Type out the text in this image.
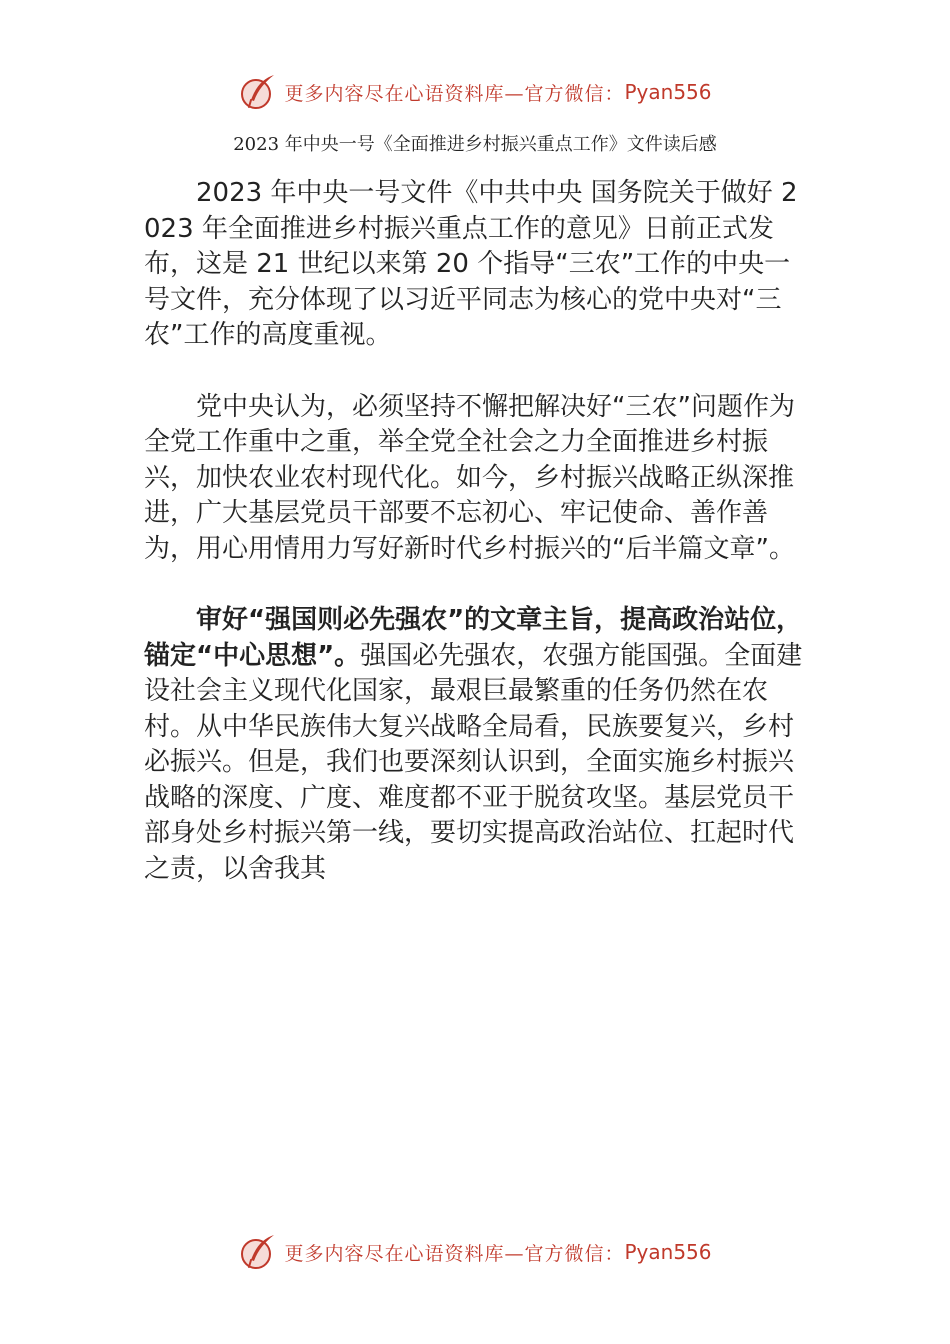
更多内容尽在心语资料库—官方微信： Pyan556
2023 年中央一号《全面推进乡村振兴重点工作》文件读后感

2023 年中央一号文件《中共中央 国务院关于做好 2023 年全面推进乡村振兴重点工作的意见》日前正式发布，这是 21 世纪以来第 20 个指导“三农”工作的中央一号文件，充分体现了以习近平同志为核心的党中央对“三农”工作的高度重视。

党中央认为，必须坚持不懈把解决好“三农”问题作为全党工作重中之重，举全党全社会之力全面推进乡村振兴，加快农业农村现代化。如今，乡村振兴战略正纵深推进，广大基层党员干部要不忘初心、牢记使命、善作善为，用心用情用力写好新时代乡村振兴的“后半篇文章”。

审好“强国则必先强农”的文章主旨，提高政治站位，锚定“中心思想”。强国必先强农，农强方能国强。全面建设社会主义现代化国家，最艰巨最繁重的任务仍然在农村。从中华民族伟大复兴战略全局看，民族要复兴，乡村必振兴。但是，我们也要深刻认识到，全面实施乡村振兴战略的深度、广度、难度都不亚于脱贫攻坚。基层党员干部身处乡村振兴第一线，要切实提高政治站位、扛起时代之责，以舍我其

更多内容尽在心语资料库—官方微信： Pyan556
